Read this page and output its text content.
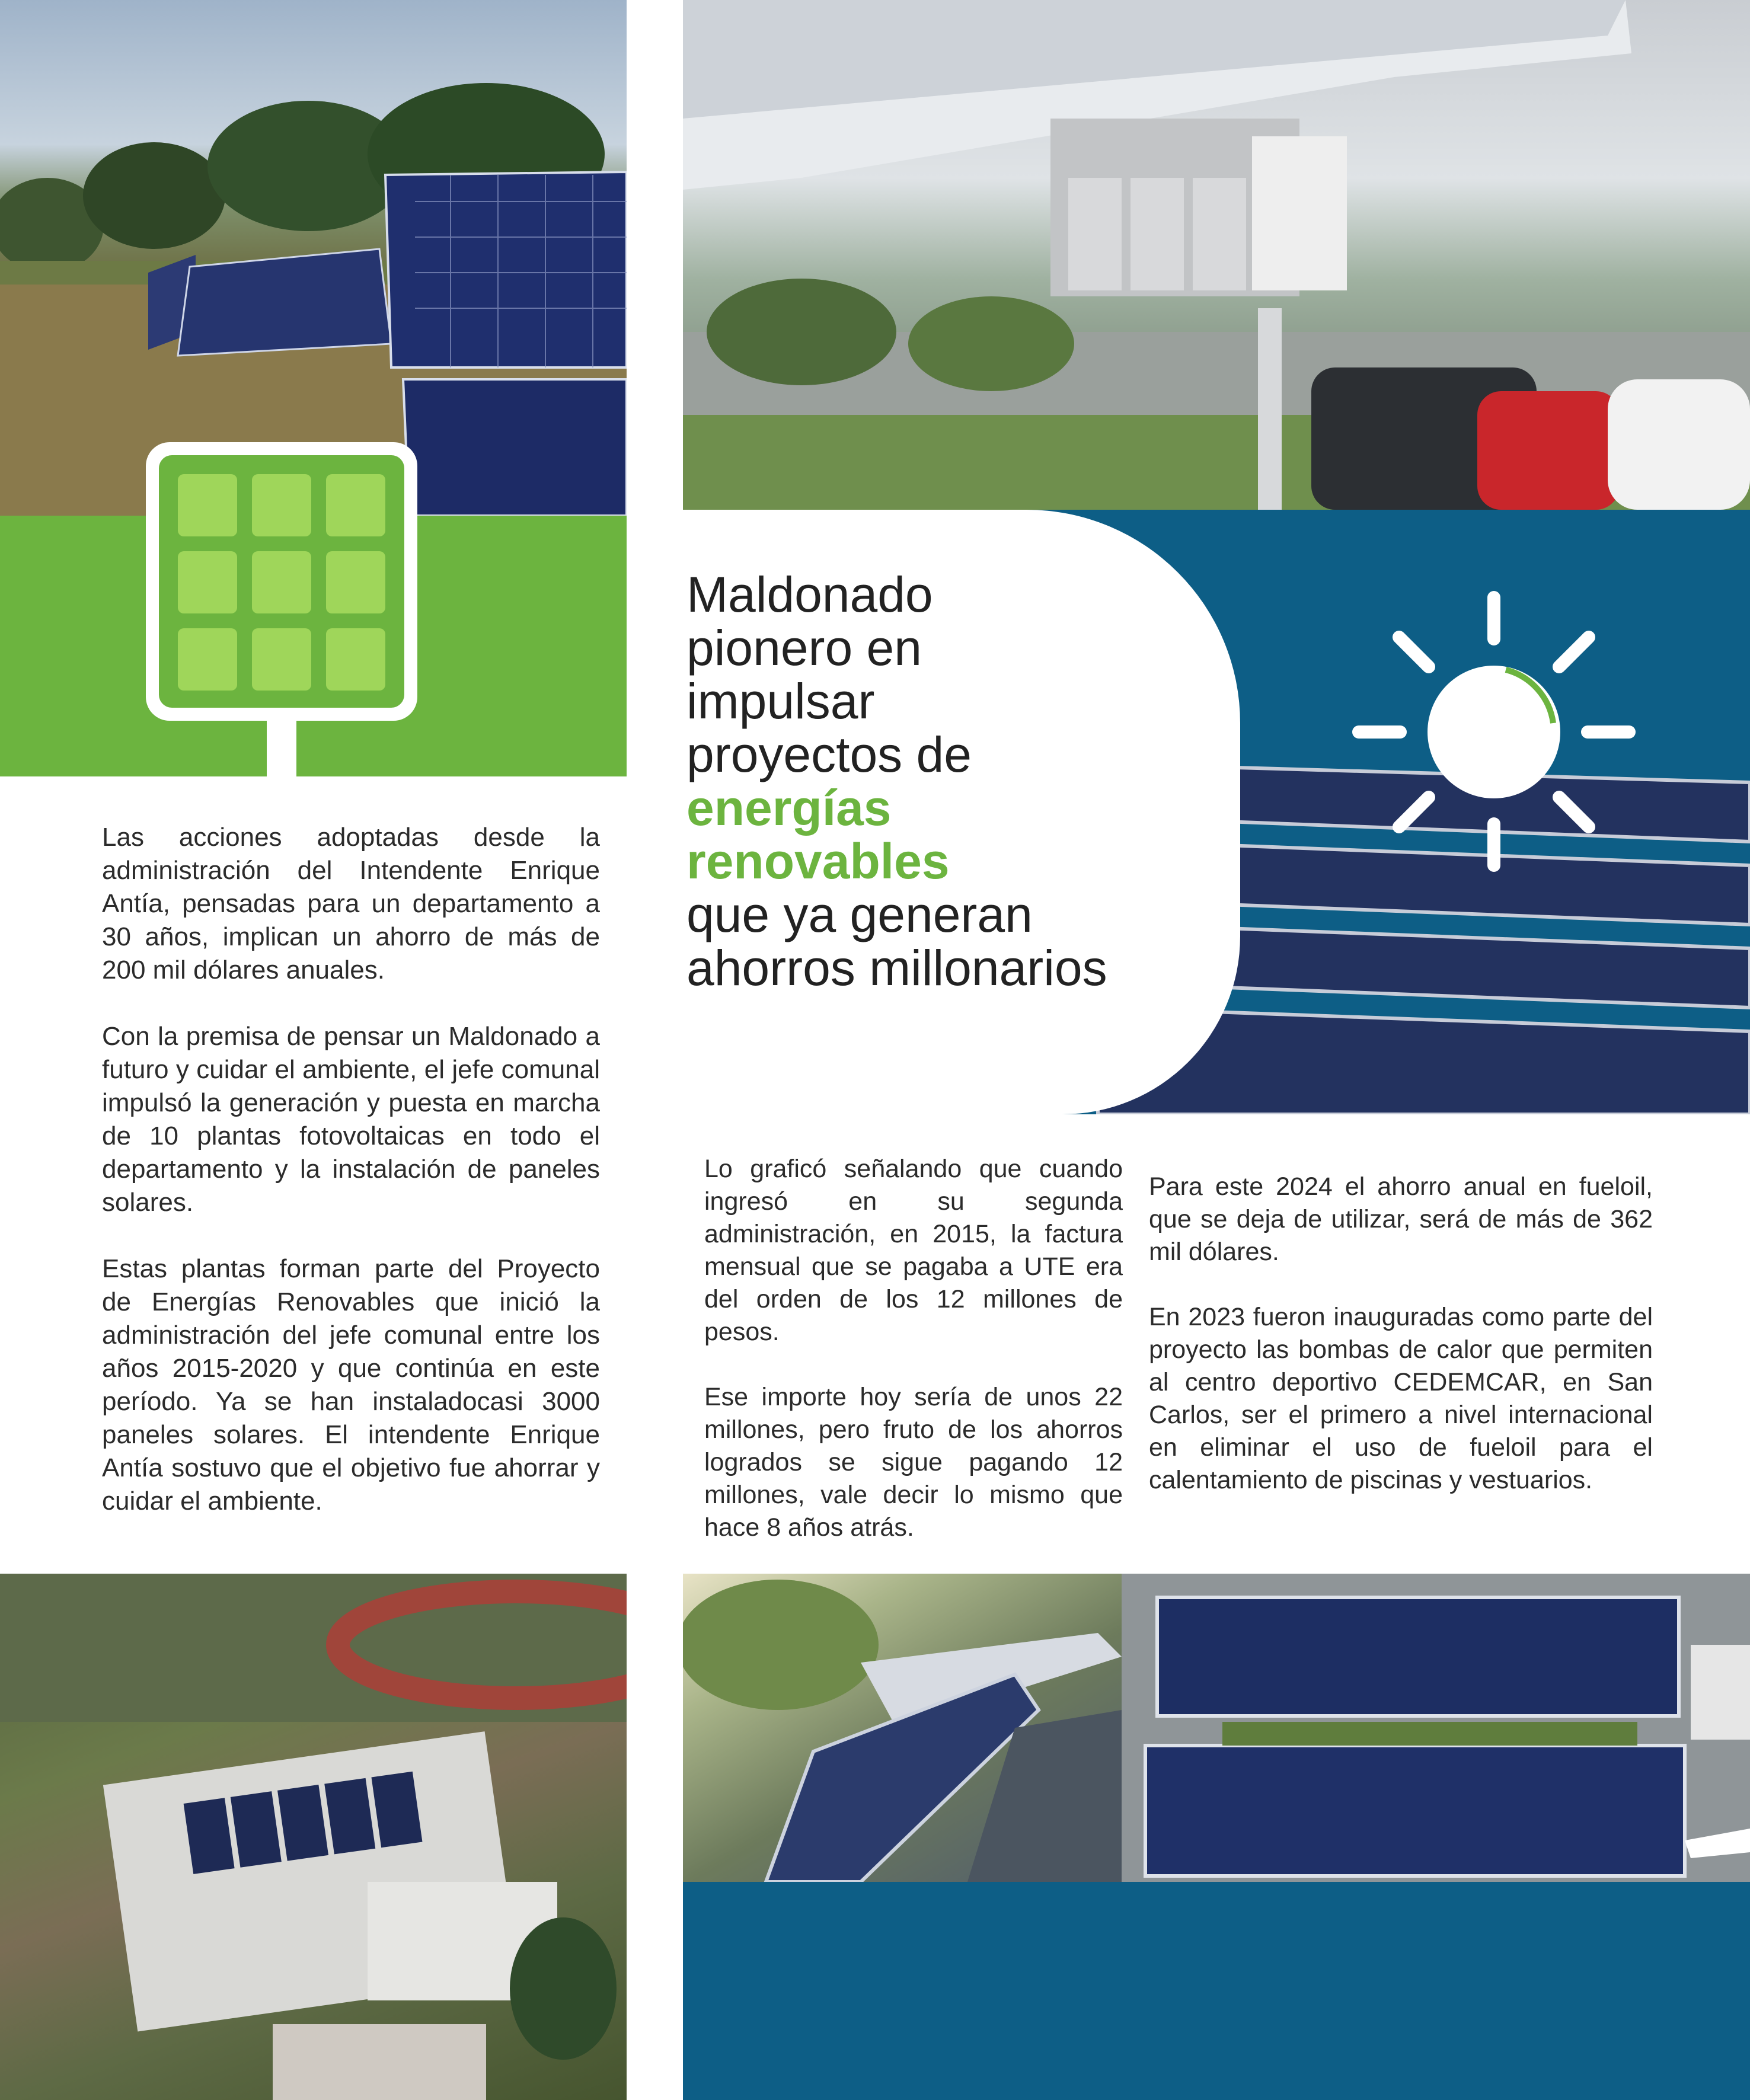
Las acciones adoptadas desde la administración del Intendente Enrique Antía, pensadas para un departamento a 30 años, implican un ahorro de más de 200 mil dólares anuales.

Con la premisa de pensar un Maldonado a futuro y cuidar el ambiente, el jefe comunal impulsó la generación y puesta en marcha de 10 plantas fotovoltaicas en todo el departamento y la instalación de paneles solares.

Estas plantas forman parte del Proyecto de Energías Renovables que inició la administración del jefe comunal entre los años 2015-2020 y que continúa en este período. Ya se han instaladocasi 3000 paneles solares. El intendente Enrique Antía sostuvo que el objetivo fue ahorrar y cuidar el ambiente.

Maldonado
pionero en
impulsar
proyectos de
energías
renovables
que ya generan
ahorros millonarios

Lo graficó señalando que cuando ingresó en su segunda administración, en 2015, la factura mensual que se pagaba a UTE era del orden de los 12 millones de pesos.

Ese importe hoy sería de unos 22 millones, pero fruto de los ahorros logrados se sigue pagando 12 millones, vale decir lo mismo que hace 8 años atrás.

Para este 2024 el ahorro anual en fueloil, que se deja de utilizar, será de más de 362 mil dólares.

En 2023 fueron inauguradas como parte del proyecto las bombas de calor que permiten al centro deportivo CEDEMCAR, en San Carlos, ser el primero a nivel internacional en eliminar el uso de fueloil para el calentamiento de piscinas y vestuarios.
